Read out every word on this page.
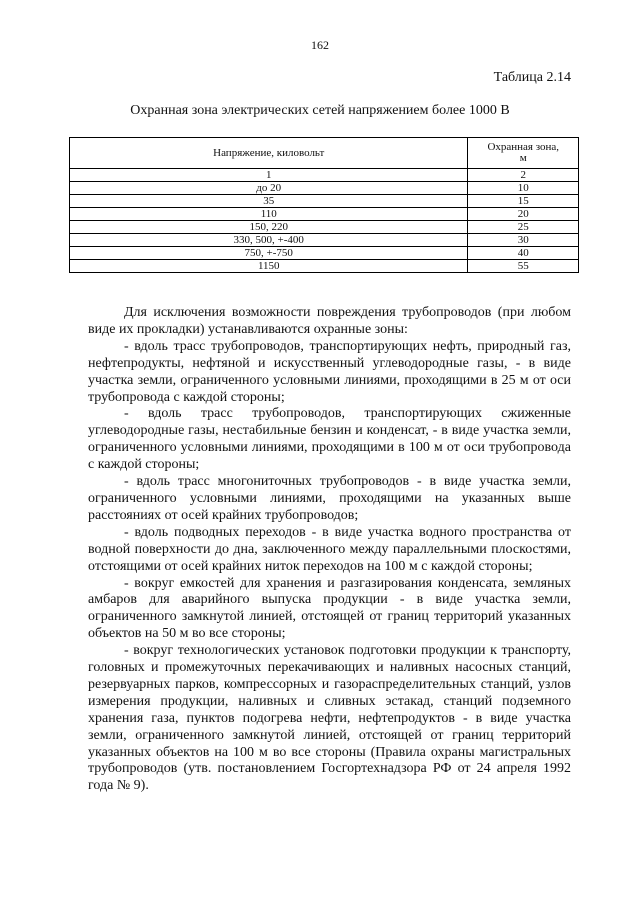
162
Таблица 2.14
Охранная зона электрических сетей напряжением более 1000 В
Напряжение, киловольт	Охранная зона,
м
1	2
до 20	10
35	15
110	20
150, 220	25
330, 500, +-400	30
750, +-750	40
1150	55

Для исключения возможности повреждения трубопроводов (при любом виде их прокладки) устанавливаются охранные зоны:

- вдоль трасс трубопроводов, транспортирующих нефть, природный газ, нефтепродукты, нефтяной и искусственный углеводородные газы, - в виде участка земли, ограниченного условными линиями, проходящими в 25 м от оси трубопровода с каждой стороны;

- вдоль трасс трубопроводов, транспортирующих сжиженные углеводородные газы, нестабильные бензин и конденсат, - в виде участка земли, ограниченного условными линиями, проходящими в 100 м от оси трубопровода с каждой стороны;

- вдоль трасс многониточных трубопроводов - в виде участка земли, ограниченного условными линиями, проходящими на указанных выше расстояниях от осей крайних трубопроводов;

- вдоль подводных переходов - в виде участка водного пространства от водной поверхности до дна, заключенного между параллельными плоскостями, отстоящими от осей крайних ниток переходов на 100 м с каждой стороны;

- вокруг емкостей для хранения и разгазирования конденсата, земляных амбаров для аварийного выпуска продукции - в виде участка земли, ограниченного замкнутой линией, отстоящей от границ территорий указанных объектов на 50 м во все стороны;

- вокруг технологических установок подготовки продукции к транспорту, головных и промежуточных перекачивающих и наливных насосных станций, резервуарных парков, компрессорных и газораспределительных станций, узлов измерения продукции, наливных и сливных эстакад, станций подземного хранения газа, пунктов подогрева нефти, нефтепродуктов - в виде участка земли, ограниченного замкнутой линией, отстоящей от границ территорий указанных объектов на 100 м во все стороны (Правила охраны магистральных трубопроводов (утв. постановлением Госгортехнадзора РФ от 24 апреля 1992 года № 9).
